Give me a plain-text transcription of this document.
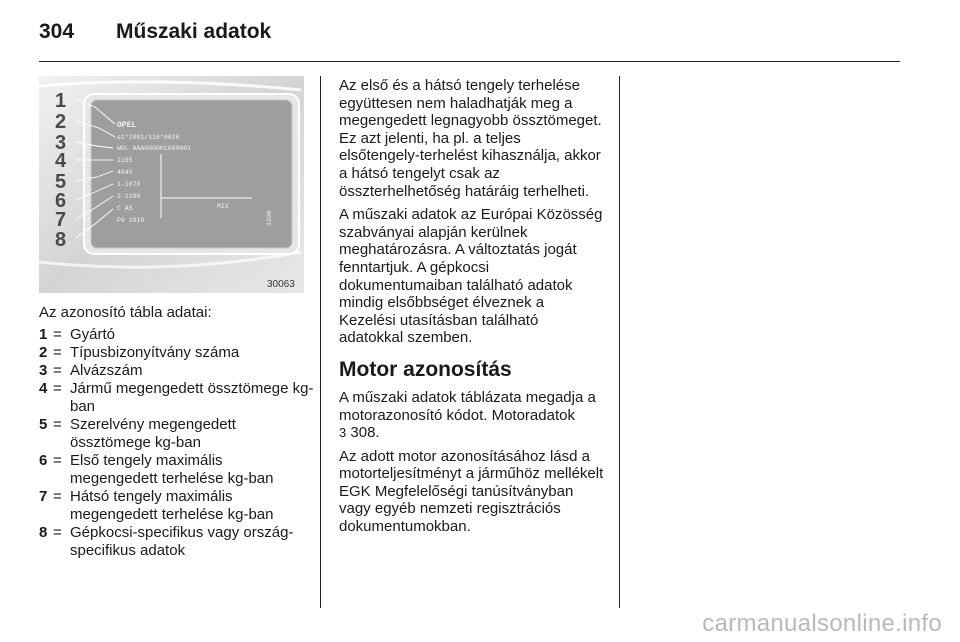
304 Műszaki adatok
1
2
3
4
5
6
7
8
OPEL
e1*2001/116*0026
W0L AAA0000H1000001
2165
4045
1-1070
2-1100
C AS
P9 1018
MIX
1390
30063
Az azonosító tábla adatai:
1 = Gyártó
2 = Típusbizonyítvány száma
3 = Alvázszám
4 = Jármű megengedett össztömege kg-ban
5 = Szerelvény megengedett össztömege kg-ban
6 = Első tengely maximális megengedett terhelése kg-ban
7 = Hátsó tengely maximális megengedett terhelése kg-ban
8 = Gépkocsi-specifikus vagy ország-specifikus adatok

Az első és a hátsó tengely terhelése együttesen nem haladhatják meg a megengedett legnagyobb össztömeget. Ez azt jelenti, ha pl. a teljes elsőtengely-terhelést kihasználja, akkor a hátsó tengelyt csak az összterhelhetőség határáig terhelheti.

A műszaki adatok az Európai Közösség szabványai alapján kerülnek meghatározásra. A változtatás jogát fenntartjuk. A gépkocsi dokumentumaiban található adatok mindig elsőbbséget élveznek a Kezelési utasításban található adatokkal szemben.

Motor azonosítás

A műszaki adatok táblázata megadja a motorazonosító kódot. Motoradatok
3 308.

Az adott motor azonosításához lásd a motorteljesítményt a járműhöz mellékelt EGK Megfelelőségi tanúsítványban vagy egyéb nemzeti regisztrációs dokumentumokban.

carmanualsonline.info
